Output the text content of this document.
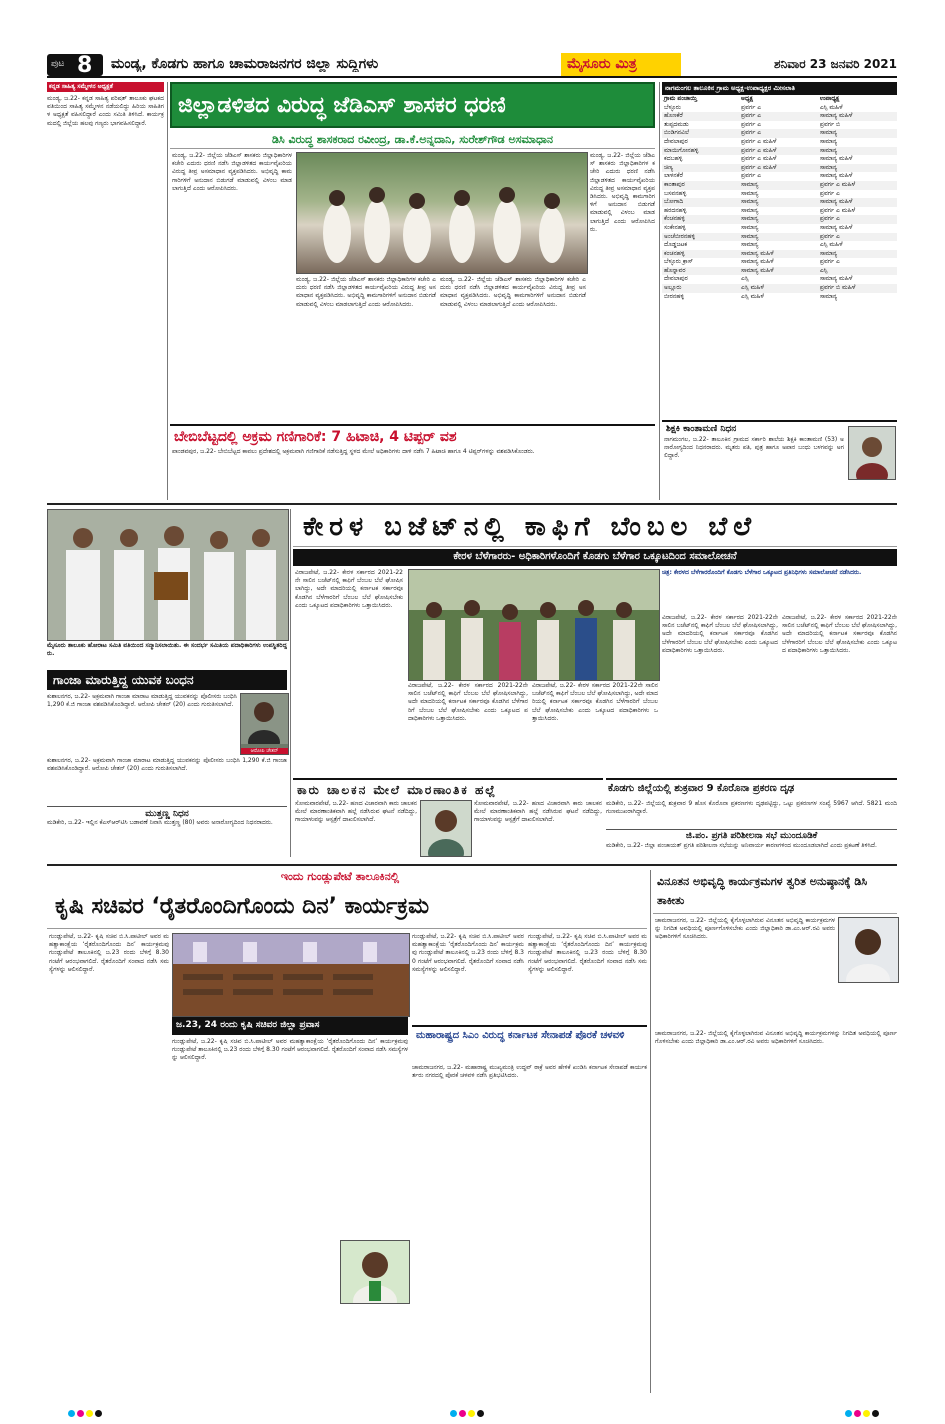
ಪುಟ 8 ಮಂಡ್ಯ, ಕೊಡಗು ಹಾಗೂ ಚಾಮರಾಜನಗರ ಜಿಲ್ಲಾ ಸುದ್ದಿಗಳು	ಮೈಸೂರು ಮಿತ್ರ	ಶನಿವಾರ 23 ಜನವರಿ 2021
ಕನ್ನಡ ಸಾಹಿತ್ಯ ಸಮ್ಮೇಳನ ಅಧ್ಯಕ್ಷತೆ
ಮಂಡ್ಯ, ಜ.22- ಕನ್ನಡ ಸಾಹಿತ್ಯ ಪರಿಷತ್ ತಾಲೂಕು ಘಟಕದ ವತಿಯಿಂದ ಸಾಹಿತ್ಯ ಸಮ್ಮೇಳನ ನಡೆಯಲಿದ್ದು ಹಿರಿಯ ಸಾಹಿತಿಗಳ ಅಧ್ಯಕ್ಷತೆ ವಹಿಸಲಿದ್ದಾರೆ ಎಂದು ಸಮಿತಿ ತಿಳಿಸಿದೆ. ಕಾರ್ಯಕ್ರಮದಲ್ಲಿ ಜಿಲ್ಲೆಯ ಹಲವು ಗಣ್ಯರು ಭಾಗವಹಿಸಲಿದ್ದಾರೆ.
ಜಿಲ್ಲಾಡಳಿತದ ವಿರುದ್ಧ ಜೆಡಿಎಸ್ ಶಾಸಕರ ಧರಣಿ
ಡಿಸಿ ವಿರುದ್ಧ ಶಾಸಕರಾದ ರವೀಂದ್ರ, ಡಾ.ಕೆ.ಅನ್ನದಾನಿ, ಸುರೇಶ್‌ಗೌಡ ಅಸಮಾಧಾನ
ಮಂಡ್ಯ, ಜ.22- ಜಿಲ್ಲೆಯ ಜೆಡಿಎಸ್ ಶಾಸಕರು ಜಿಲ್ಲಾಧಿಕಾರಿಗಳ ಕಚೇರಿ ಎದುರು ಧರಣಿ ನಡೆಸಿ ಜಿಲ್ಲಾಡಳಿತದ ಕಾರ್ಯವೈಖರಿಯ ವಿರುದ್ಧ ತೀವ್ರ ಅಸಮಾಧಾನ ವ್ಯಕ್ತಪಡಿಸಿದರು. ಅಭಿವೃದ್ಧಿ ಕಾಮಗಾರಿಗಳಿಗೆ ಅನುದಾನ ಬಿಡುಗಡೆ ಮಾಡುವಲ್ಲಿ ವಿಳಂಬ ಮಾಡಲಾಗುತ್ತಿದೆ ಎಂದು ಆರೋಪಿಸಿದರು.
ಮಂಡ್ಯ, ಜ.22- ಜಿಲ್ಲೆಯ ಜೆಡಿಎಸ್ ಶಾಸಕರು ಜಿಲ್ಲಾಧಿಕಾರಿಗಳ ಕಚೇರಿ ಎದುರು ಧರಣಿ ನಡೆಸಿ ಜಿಲ್ಲಾಡಳಿತದ ಕಾರ್ಯವೈಖರಿಯ ವಿರುದ್ಧ ತೀವ್ರ ಅಸಮಾಧಾನ ವ್ಯಕ್ತಪಡಿಸಿದರು. ಅಭಿವೃದ್ಧಿ ಕಾಮಗಾರಿಗಳಿಗೆ ಅನುದಾನ ಬಿಡುಗಡೆ ಮಾಡುವಲ್ಲಿ ವಿಳಂಬ ಮಾಡಲಾಗುತ್ತಿದೆ ಎಂದು ಆರೋಪಿಸಿದರು.
ಮಂಡ್ಯ, ಜ.22- ಜಿಲ್ಲೆಯ ಜೆಡಿಎಸ್ ಶಾಸಕರು ಜಿಲ್ಲಾಧಿಕಾರಿಗಳ ಕಚೇರಿ ಎದುರು ಧರಣಿ ನಡೆಸಿ ಜಿಲ್ಲಾಡಳಿತದ ಕಾರ್ಯವೈಖರಿಯ ವಿರುದ್ಧ ತೀವ್ರ ಅಸಮಾಧಾನ ವ್ಯಕ್ತಪಡಿಸಿದರು. ಅಭಿವೃದ್ಧಿ ಕಾಮಗಾರಿಗಳಿಗೆ ಅನುದಾನ ಬಿಡುಗಡೆ ಮಾಡುವಲ್ಲಿ ವಿಳಂಬ ಮಾಡಲಾಗುತ್ತಿದೆ ಎಂದು ಆರೋಪಿಸಿದರು.
ಮಂಡ್ಯ, ಜ.22- ಜಿಲ್ಲೆಯ ಜೆಡಿಎಸ್ ಶಾಸಕರು ಜಿಲ್ಲಾಧಿಕಾರಿಗಳ ಕಚೇರಿ ಎದುರು ಧರಣಿ ನಡೆಸಿ ಜಿಲ್ಲಾಡಳಿತದ ಕಾರ್ಯವೈಖರಿಯ ವಿರುದ್ಧ ತೀವ್ರ ಅಸಮಾಧಾನ ವ್ಯಕ್ತಪಡಿಸಿದರು. ಅಭಿವೃದ್ಧಿ ಕಾಮಗಾರಿಗಳಿಗೆ ಅನುದಾನ ಬಿಡುಗಡೆ ಮಾಡುವಲ್ಲಿ ವಿಳಂಬ ಮಾಡಲಾಗುತ್ತಿದೆ ಎಂದು ಆರೋಪಿಸಿದರು.
ಬೇಬಿಬೆಟ್ಟದಲ್ಲಿ ಅಕ್ರಮ ಗಣಿಗಾರಿಕೆ: 7 ಹಿಟಾಚಿ, 4 ಟಿಪ್ಪರ್ ವಶ
ಪಾಂಡವಪುರ, ಜ.22- ಬೇಬಿಬೆಟ್ಟದ ಕಾವಲು ಪ್ರದೇಶದಲ್ಲಿ ಅಕ್ರಮವಾಗಿ ಗಣಿಗಾರಿಕೆ ನಡೆಸುತ್ತಿದ್ದ ಸ್ಥಳದ ಮೇಲೆ ಅಧಿಕಾರಿಗಳು ದಾಳಿ ನಡೆಸಿ 7 ಹಿಟಾಚಿ ಹಾಗೂ 4 ಟಿಪ್ಪರ್‌ಗಳನ್ನು ವಶಪಡಿಸಿಕೊಂಡರು.
ನಾಗಮಂಗಲ ತಾಲೂಕಿನ ಗ್ರಾಮ ಅಧ್ಯಕ್ಷ-ಉಪಾಧ್ಯಕ್ಷರ ಮೀಸಲಾತಿ
ಗ್ರಾಮ ಪಂಚಾಯ್ತಿ	ಅಧ್ಯಕ್ಷ	ಉಪಾಧ್ಯಕ್ಷ
ಬೆಳ್ಳೂರು	ಪ್ರವರ್ಗ ಎ	ಎಸ್ಸಿ ಮಹಿಳೆ
ಹೊಣಕೆರೆ	ಪ್ರವರ್ಗ ಎ	ಸಾಮಾನ್ಯ ಮಹಿಳೆ
ತುಪ್ಪದಮಡು	ಪ್ರವರ್ಗ ಎ	ಪ್ರವರ್ಗ ಬಿ
ಬಿಂಡಿಗನವಿಲೆ	ಪ್ರವರ್ಗ ಎ	ಸಾಮಾನ್ಯ
ದೇವಲಾಪುರ	ಪ್ರವರ್ಗ ಎ ಮಹಿಳೆ	ಸಾಮಾನ್ಯ
ಮಾಯಿಗೋನಹಳ್ಳಿ	ಪ್ರವರ್ಗ ಎ ಮಹಿಳೆ	ಸಾಮಾನ್ಯ
ಕದಬಹಳ್ಳಿ	ಪ್ರವರ್ಗ ಎ ಮಹಿಳೆ	ಸಾಮಾನ್ಯ ಮಹಿಳೆ
ಚಿಣ್ಯ	ಪ್ರವರ್ಗ ಎ ಮಹಿಳೆ	ಸಾಮಾನ್ಯ
ಲಾಳನಕೆರೆ	ಪ್ರವರ್ಗ ಎ	ಸಾಮಾನ್ಯ ಮಹಿಳೆ
ಕಾಂತಾಪುರ	ಸಾಮಾನ್ಯ	ಪ್ರವರ್ಗ ಎ ಮಹಿಳೆ
ಬಸವನಹಳ್ಳಿ	ಸಾಮಾನ್ಯ	ಪ್ರವರ್ಗ ಎ
ಬೋಗಾದಿ	ಸಾಮಾನ್ಯ	ಸಾಮಾನ್ಯ ಮಹಿಳೆ
ಹರದನಹಳ್ಳಿ	ಸಾಮಾನ್ಯ	ಪ್ರವರ್ಗ ಎ ಮಹಿಳೆ
ಕೆಂಚನಹಳ್ಳಿ	ಸಾಮಾನ್ಯ	ಪ್ರವರ್ಗ ಎ
ಸಂಕೇನಹಳ್ಳಿ	ಸಾಮಾನ್ಯ	ಸಾಮಾನ್ಯ ಮಹಿಳೆ
ಅಂಚೆಬೀರನಹಳ್ಳಿ	ಸಾಮಾನ್ಯ	ಪ್ರವರ್ಗ ಎ
ದೊಡ್ಡಜಟಕ	ಸಾಮಾನ್ಯ	ಎಸ್ಸಿ ಮಹಿಳೆ
ಕಂಚನಹಳ್ಳಿ	ಸಾಮಾನ್ಯ ಮಹಿಳೆ	ಸಾಮಾನ್ಯ
ಬೆಳ್ಳೂರು ಕ್ರಾಸ್	ಸಾಮಾನ್ಯ ಮಹಿಳೆ	ಪ್ರವರ್ಗ ಎ
ಹೊನ್ನಾವರ	ಸಾಮಾನ್ಯ ಮಹಿಳೆ	ಎಸ್ಸಿ
ದೇವಲಾಪುರ	ಎಸ್ಸಿ	ಸಾಮಾನ್ಯ ಮಹಿಳೆ
ಅಲ್ಲೂರು	ಎಸ್ಸಿ ಮಹಿಳೆ	ಪ್ರವರ್ಗ ಬಿ ಮಹಿಳೆ
ಬೀರನಹಳ್ಳಿ	ಎಸ್ಸಿ ಮಹಿಳೆ	ಸಾಮಾನ್ಯ
ಶಿಕ್ಷಕಿ ಕಾಂತಾಮಣಿ ನಿಧನ
ನಾಗಮಂಗಲ, ಜ.22- ತಾಲೂಕಿನ ಗ್ರಾಮದ ಸರ್ಕಾರಿ ಶಾಲೆಯ ಶಿಕ್ಷಕಿ ಕಾಂತಾಮಣಿ (53) ಅನಾರೋಗ್ಯದಿಂದ ನಿಧನರಾದರು. ಮೃತರು ಪತಿ, ಪುತ್ರ ಹಾಗೂ ಅಪಾರ ಬಂಧು ಬಳಗವನ್ನು ಅಗಲಿದ್ದಾರೆ.
ಮೈಸೂರು ತಾಲೂಕು ಹೋರಾಟ ಸಮಿತಿ ವತಿಯಿಂದ ಸನ್ಮಾನಿಸಲಾಯಿತು. ಈ ಸಂದರ್ಭ ಸಮಿತಿಯ ಪದಾಧಿಕಾರಿಗಳು ಉಪಸ್ಥಿತರಿದ್ದರು.
ಗಾಂಜಾ ಮಾರುತ್ತಿದ್ದ ಯುವಕ ಬಂಧನ
ಕುಶಾಲನಗರ, ಜ.22- ಅಕ್ರಮವಾಗಿ ಗಾಂಜಾ ಮಾರಾಟ ಮಾಡುತ್ತಿದ್ದ ಯುವಕನನ್ನು ಪೊಲೀಸರು ಬಂಧಿಸಿ 1,290 ಕೆ.ಜಿ ಗಾಂಜಾ ವಶಪಡಿಸಿಕೊಂಡಿದ್ದಾರೆ. ಆರೋಪಿ ಚೇತನ್ (20) ಎಂದು ಗುರುತಿಸಲಾಗಿದೆ.
ಆರೋಪಿ ಚೇತನ್
ಕುಶಾಲನಗರ, ಜ.22- ಅಕ್ರಮವಾಗಿ ಗಾಂಜಾ ಮಾರಾಟ ಮಾಡುತ್ತಿದ್ದ ಯುವಕನನ್ನು ಪೊಲೀಸರು ಬಂಧಿಸಿ 1,290 ಕೆ.ಜಿ ಗಾಂಜಾ ವಶಪಡಿಸಿಕೊಂಡಿದ್ದಾರೆ. ಆರೋಪಿ ಚೇತನ್ (20) ಎಂದು ಗುರುತಿಸಲಾಗಿದೆ.
ಮುತ್ತಣ್ಣ ನಿಧನ
ಮಡಿಕೇರಿ, ಜ.22- ಇಲ್ಲಿನ ಕೆಎಸ್‌ಆರ್‌ಟಿಸಿ ಬಡಾವಣೆ ನಿವಾಸಿ ಮುತ್ತಣ್ಣ (80) ಅವರು ಅನಾರೋಗ್ಯದಿಂದ ನಿಧನರಾದರು.
ಕೇರಳ ಬಜೆಟ್‌ನಲ್ಲಿ ಕಾಫಿಗೆ ಬೆಂಬಲ ಬೆಲೆ
ಕೇರಳ ಬೆಳೆಗಾರರು- ಅಧಿಕಾರಿಗಳೊಂದಿಗೆ ಕೊಡಗು ಬೆಳೆಗಾರ ಒಕ್ಕೂಟದಿಂದ ಸಮಾಲೋಚನೆ
ವಿರಾಜಪೇಟೆ, ಜ.22- ಕೇರಳ ಸರ್ಕಾರದ 2021-22ನೇ ಸಾಲಿನ ಬಜೆಟ್‌ನಲ್ಲಿ ಕಾಫಿಗೆ ಬೆಂಬಲ ಬೆಲೆ ಘೋಷಿಸಲಾಗಿದ್ದು, ಅದೇ ಮಾದರಿಯಲ್ಲಿ ಕರ್ನಾಟಕ ಸರ್ಕಾರವೂ ಕೊಡಗಿನ ಬೆಳೆಗಾರರಿಗೆ ಬೆಂಬಲ ಬೆಲೆ ಘೋಷಿಸಬೇಕು ಎಂದು ಒಕ್ಕೂಟದ ಪದಾಧಿಕಾರಿಗಳು ಒತ್ತಾಯಿಸಿದರು.
ಚಿತ್ರ: ಕೇರಳದ ಬೆಳೆಗಾರರೊಂದಿಗೆ ಕೊಡಗು ಬೆಳೆಗಾರ ಒಕ್ಕೂಟದ ಪ್ರತಿನಿಧಿಗಳು ಸಮಾಲೋಚನೆ ನಡೆಸಿದರು.
ವಿರಾಜಪೇಟೆ, ಜ.22- ಕೇರಳ ಸರ್ಕಾರದ 2021-22ನೇ ಸಾಲಿನ ಬಜೆಟ್‌ನಲ್ಲಿ ಕಾಫಿಗೆ ಬೆಂಬಲ ಬೆಲೆ ಘೋಷಿಸಲಾಗಿದ್ದು, ಅದೇ ಮಾದರಿಯಲ್ಲಿ ಕರ್ನಾಟಕ ಸರ್ಕಾರವೂ ಕೊಡಗಿನ ಬೆಳೆಗಾರರಿಗೆ ಬೆಂಬಲ ಬೆಲೆ ಘೋಷಿಸಬೇಕು ಎಂದು ಒಕ್ಕೂಟದ ಪದಾಧಿಕಾರಿಗಳು ಒತ್ತಾಯಿಸಿದರು.
ವಿರಾಜಪೇಟೆ, ಜ.22- ಕೇರಳ ಸರ್ಕಾರದ 2021-22ನೇ ಸಾಲಿನ ಬಜೆಟ್‌ನಲ್ಲಿ ಕಾಫಿಗೆ ಬೆಂಬಲ ಬೆಲೆ ಘೋಷಿಸಲಾಗಿದ್ದು, ಅದೇ ಮಾದರಿಯಲ್ಲಿ ಕರ್ನಾಟಕ ಸರ್ಕಾರವೂ ಕೊಡಗಿನ ಬೆಳೆಗಾರರಿಗೆ ಬೆಂಬಲ ಬೆಲೆ ಘೋಷಿಸಬೇಕು ಎಂದು ಒಕ್ಕೂಟದ ಪದಾಧಿಕಾರಿಗಳು ಒತ್ತಾಯಿಸಿದರು.
ವಿರಾಜಪೇಟೆ, ಜ.22- ಕೇರಳ ಸರ್ಕಾರದ 2021-22ನೇ ಸಾಲಿನ ಬಜೆಟ್‌ನಲ್ಲಿ ಕಾಫಿಗೆ ಬೆಂಬಲ ಬೆಲೆ ಘೋಷಿಸಲಾಗಿದ್ದು, ಅದೇ ಮಾದರಿಯಲ್ಲಿ ಕರ್ನಾಟಕ ಸರ್ಕಾರವೂ ಕೊಡಗಿನ ಬೆಳೆಗಾರರಿಗೆ ಬೆಂಬಲ ಬೆಲೆ ಘೋಷಿಸಬೇಕು ಎಂದು ಒಕ್ಕೂಟದ ಪದಾಧಿಕಾರಿಗಳು ಒತ್ತಾಯಿಸಿದರು.
ವಿರಾಜಪೇಟೆ, ಜ.22- ಕೇರಳ ಸರ್ಕಾರದ 2021-22ನೇ ಸಾಲಿನ ಬಜೆಟ್‌ನಲ್ಲಿ ಕಾಫಿಗೆ ಬೆಂಬಲ ಬೆಲೆ ಘೋಷಿಸಲಾಗಿದ್ದು, ಅದೇ ಮಾದರಿಯಲ್ಲಿ ಕರ್ನಾಟಕ ಸರ್ಕಾರವೂ ಕೊಡಗಿನ ಬೆಳೆಗಾರರಿಗೆ ಬೆಂಬಲ ಬೆಲೆ ಘೋಷಿಸಬೇಕು ಎಂದು ಒಕ್ಕೂಟದ ಪದಾಧಿಕಾರಿಗಳು ಒತ್ತಾಯಿಸಿದರು.
ಕಾರು ಚಾಲಕನ ಮೇಲೆ ಮಾರಣಾಂತಿಕ ಹಲ್ಲೆ
ಸೋಮವಾರಪೇಟೆ, ಜ.22- ಹಣದ ವಿಚಾರವಾಗಿ ಕಾರು ಚಾಲಕನ ಮೇಲೆ ಮಾರಣಾಂತಿಕವಾಗಿ ಹಲ್ಲೆ ನಡೆಸಿರುವ ಘಟನೆ ನಡೆದಿದ್ದು, ಗಾಯಾಳುವನ್ನು ಆಸ್ಪತ್ರೆಗೆ ದಾಖಲಿಸಲಾಗಿದೆ.
ಸೋಮವಾರಪೇಟೆ, ಜ.22- ಹಣದ ವಿಚಾರವಾಗಿ ಕಾರು ಚಾಲಕನ ಮೇಲೆ ಮಾರಣಾಂತಿಕವಾಗಿ ಹಲ್ಲೆ ನಡೆಸಿರುವ ಘಟನೆ ನಡೆದಿದ್ದು, ಗಾಯಾಳುವನ್ನು ಆಸ್ಪತ್ರೆಗೆ ದಾಖಲಿಸಲಾಗಿದೆ.
ಕೊಡಗು ಜಿಲ್ಲೆಯಲ್ಲಿ ಶುಕ್ರವಾರ 9 ಕೊರೊನಾ ಪ್ರಕರಣ ದೃಢ
ಮಡಿಕೇರಿ, ಜ.22- ಜಿಲ್ಲೆಯಲ್ಲಿ ಶುಕ್ರವಾರ 9 ಹೊಸ ಕೊರೊನಾ ಪ್ರಕರಣಗಳು ದೃಢಪಟ್ಟಿದ್ದು, ಒಟ್ಟು ಪ್ರಕರಣಗಳ ಸಂಖ್ಯೆ 5967 ಆಗಿದೆ. 5821 ಮಂದಿ ಗುಣಮುಖರಾಗಿದ್ದಾರೆ.
ಜಿ.ಪಂ. ಪ್ರಗತಿ ಪರಿಶೀಲನಾ ಸಭೆ ಮುಂದೂಡಿಕೆ
ಮಡಿಕೇರಿ, ಜ.22- ಜಿಲ್ಲಾ ಪಂಚಾಯತ್ ಪ್ರಗತಿ ಪರಿಶೀಲನಾ ಸಭೆಯನ್ನು ಅನಿವಾರ್ಯ ಕಾರಣಗಳಿಂದ ಮುಂದೂಡಲಾಗಿದೆ ಎಂದು ಪ್ರಕಟಣೆ ತಿಳಿಸಿದೆ.
ಇಂದು ಗುಂಡ್ಲುಪೇಟೆ ತಾಲೂಕಿನಲ್ಲಿ
ಕೃಷಿ ಸಚಿವರ ‘ರೈತರೊಂದಿಗೊಂದು ದಿನ’ ಕಾರ್ಯಕ್ರಮ
ಗುಂಡ್ಲುಪೇಟೆ, ಜ.22- ಕೃಷಿ ಸಚಿವ ಬಿ.ಸಿ.ಪಾಟೀಲ್ ಅವರ ಮಹತ್ವಾಕಾಂಕ್ಷೆಯ ‘ರೈತರೊಂದಿಗೊಂದು ದಿನ’ ಕಾರ್ಯಕ್ರಮವು ಗುಂಡ್ಲುಪೇಟೆ ತಾಲೂಕಿನಲ್ಲಿ ಜ.23 ರಂದು ಬೆಳಿಗ್ಗೆ 8.30 ಗಂಟೆಗೆ ಆರಂಭವಾಗಲಿದೆ. ರೈತರೊಂದಿಗೆ ಸಂವಾದ ನಡೆಸಿ ಸಮಸ್ಯೆಗಳನ್ನು ಆಲಿಸಲಿದ್ದಾರೆ.
ಜ.23, 24 ರಂದು ಕೃಷಿ ಸಚಿವರ ಜಿಲ್ಲಾ ಪ್ರವಾಸ
ಗುಂಡ್ಲುಪೇಟೆ, ಜ.22- ಕೃಷಿ ಸಚಿವ ಬಿ.ಸಿ.ಪಾಟೀಲ್ ಅವರ ಮಹತ್ವಾಕಾಂಕ್ಷೆಯ ‘ರೈತರೊಂದಿಗೊಂದು ದಿನ’ ಕಾರ್ಯಕ್ರಮವು ಗುಂಡ್ಲುಪೇಟೆ ತಾಲೂಕಿನಲ್ಲಿ ಜ.23 ರಂದು ಬೆಳಿಗ್ಗೆ 8.30 ಗಂಟೆಗೆ ಆರಂಭವಾಗಲಿದೆ. ರೈತರೊಂದಿಗೆ ಸಂವಾದ ನಡೆಸಿ ಸಮಸ್ಯೆಗಳನ್ನು ಆಲಿಸಲಿದ್ದಾರೆ.
ಗುಂಡ್ಲುಪೇಟೆ, ಜ.22- ಕೃಷಿ ಸಚಿವ ಬಿ.ಸಿ.ಪಾಟೀಲ್ ಅವರ ಮಹತ್ವಾಕಾಂಕ್ಷೆಯ ‘ರೈತರೊಂದಿಗೊಂದು ದಿನ’ ಕಾರ್ಯಕ್ರಮವು ಗುಂಡ್ಲುಪೇಟೆ ತಾಲೂಕಿನಲ್ಲಿ ಜ.23 ರಂದು ಬೆಳಿಗ್ಗೆ 8.30 ಗಂಟೆಗೆ ಆರಂಭವಾಗಲಿದೆ. ರೈತರೊಂದಿಗೆ ಸಂವಾದ ನಡೆಸಿ ಸಮಸ್ಯೆಗಳನ್ನು ಆಲಿಸಲಿದ್ದಾರೆ.
ಗುಂಡ್ಲುಪೇಟೆ, ಜ.22- ಕೃಷಿ ಸಚಿವ ಬಿ.ಸಿ.ಪಾಟೀಲ್ ಅವರ ಮಹತ್ವಾಕಾಂಕ್ಷೆಯ ‘ರೈತರೊಂದಿಗೊಂದು ದಿನ’ ಕಾರ್ಯಕ್ರಮವು ಗುಂಡ್ಲುಪೇಟೆ ತಾಲೂಕಿನಲ್ಲಿ ಜ.23 ರಂದು ಬೆಳಿಗ್ಗೆ 8.30 ಗಂಟೆಗೆ ಆರಂಭವಾಗಲಿದೆ. ರೈತರೊಂದಿಗೆ ಸಂವಾದ ನಡೆಸಿ ಸಮಸ್ಯೆಗಳನ್ನು ಆಲಿಸಲಿದ್ದಾರೆ.
ಮಹಾರಾಷ್ಟ್ರದ ಸಿಎಂ ವಿರುದ್ಧ ಕರ್ನಾಟಕ ಸೇನಾಪಡೆ ಪೊರಕೆ ಚಳವಳಿ
ಚಾಮರಾಜನಗರ, ಜ.22- ಮಹಾರಾಷ್ಟ್ರ ಮುಖ್ಯಮಂತ್ರಿ ಉದ್ಧವ್ ಠಾಕ್ರೆ ಅವರ ಹೇಳಿಕೆ ಖಂಡಿಸಿ ಕರ್ನಾಟಕ ಸೇನಾಪಡೆ ಕಾರ್ಯಕರ್ತರು ನಗರದಲ್ಲಿ ಪೊರಕೆ ಚಳವಳಿ ನಡೆಸಿ ಪ್ರತಿಭಟಿಸಿದರು.
ವಿನೂತನ ಅಭಿವೃದ್ಧಿ ಕಾರ್ಯಕ್ರಮಗಳ ತ್ವರಿತ ಅನುಷ್ಠಾನಕ್ಕೆ ಡಿಸಿ ತಾಕೀತು
ಚಾಮರಾಜನಗರ, ಜ.22- ಜಿಲ್ಲೆಯಲ್ಲಿ ಕೈಗೊಳ್ಳಲಾಗಿರುವ ವಿನೂತನ ಅಭಿವೃದ್ಧಿ ಕಾರ್ಯಕ್ರಮಗಳನ್ನು ನಿಗದಿತ ಅವಧಿಯಲ್ಲಿ ಪೂರ್ಣಗೊಳಿಸಬೇಕು ಎಂದು ಜಿಲ್ಲಾಧಿಕಾರಿ ಡಾ.ಎಂ.ಆರ್.ರವಿ ಅವರು ಅಧಿಕಾರಿಗಳಿಗೆ ಸೂಚಿಸಿದರು.
ಚಾಮರಾಜನಗರ, ಜ.22- ಜಿಲ್ಲೆಯಲ್ಲಿ ಕೈಗೊಳ್ಳಲಾಗಿರುವ ವಿನೂತನ ಅಭಿವೃದ್ಧಿ ಕಾರ್ಯಕ್ರಮಗಳನ್ನು ನಿಗದಿತ ಅವಧಿಯಲ್ಲಿ ಪೂರ್ಣಗೊಳಿಸಬೇಕು ಎಂದು ಜಿಲ್ಲಾಧಿಕಾರಿ ಡಾ.ಎಂ.ಆರ್.ರವಿ ಅವರು ಅಧಿಕಾರಿಗಳಿಗೆ ಸೂಚಿಸಿದರು.
